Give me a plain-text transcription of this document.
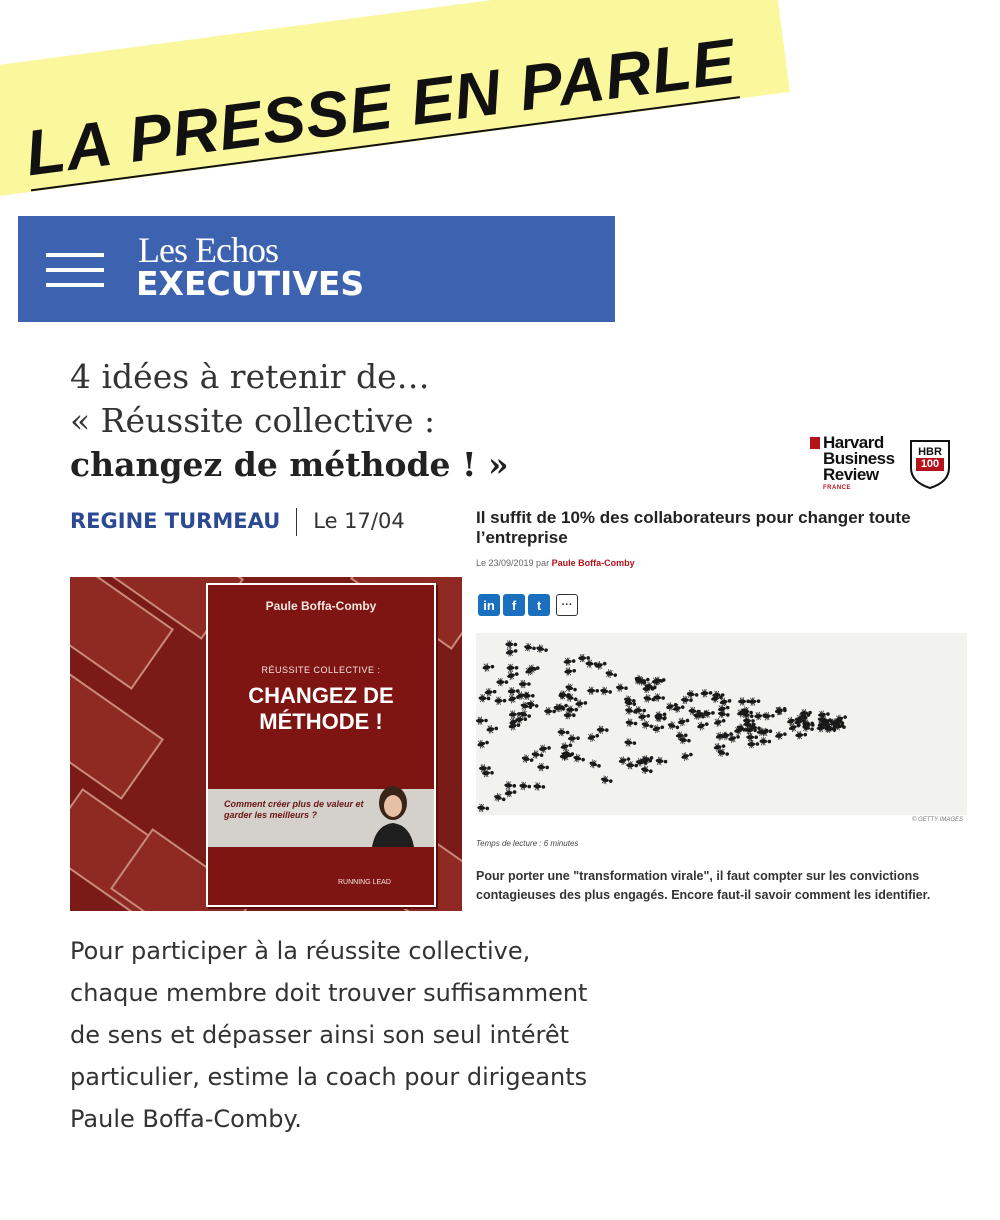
LA PRESSE EN PARLE
Les Echos
EXECUTIVES
4 idées à retenir de…
« Réussite collective :
changez de méthode ! »
REGINE TURMEAU Le 17/04
Paule Boffa-Comby
RÉUSSITE COLLECTIVE :
CHANGEZ DE
MÉTHODE !
Comment créer plus de valeur et garder les meilleurs ?
RUNNING LEAD
Pour participer à la réussite collective, chaque membre doit trouver suffisamment de sens et dépasser ainsi son seul intérêt particulier, estime la coach pour dirigeants Paule Boffa-Comby.
Harvard
Business
Review
FRANCE
HBR
100
Il suffit de 10% des collaborateurs pour changer toute l’entreprise
Le 23/09/2019 par Paule Boffa-Comby
in	f	t	···
© GETTY IMAGES
Temps de lecture : 6 minutes
Pour porter une "transformation virale", il faut compter sur les convictions contagieuses des plus engagés. Encore faut-il savoir comment les identifier.
